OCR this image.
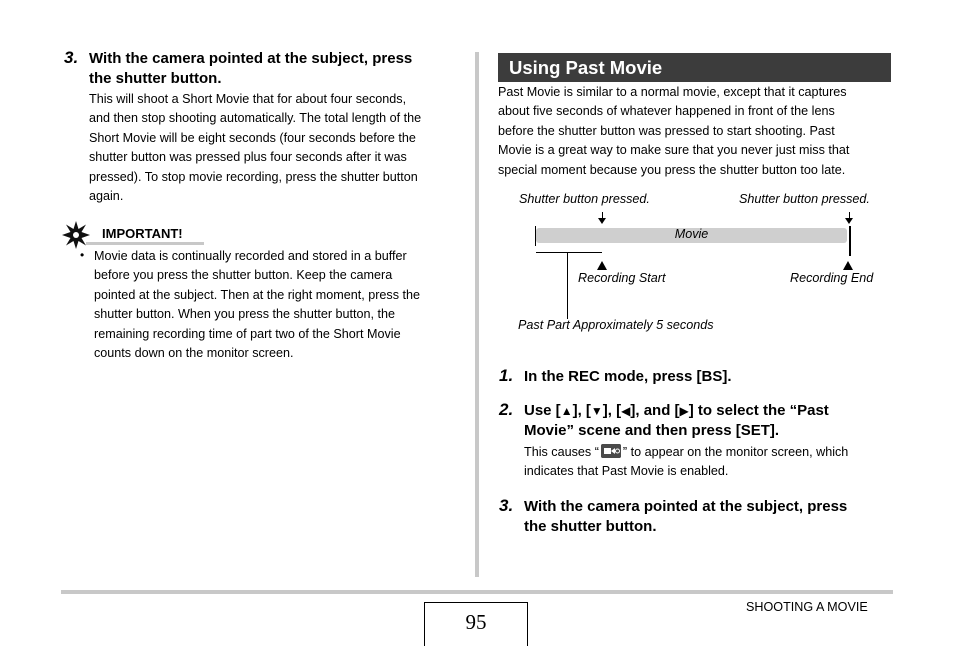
3. With the camera pointed at the subject, press
the shutter button.
This will shoot a Short Movie that for about four seconds,
and then stop shooting automatically. The total length of the
Short Movie will be eight seconds (four seconds before the
shutter button was pressed plus four seconds after it was
pressed). To stop movie recording, press the shutter button
again.
IMPORTANT!
• Movie data is continually recorded and stored in a buffer
before you press the shutter button. Keep the camera
pointed at the subject. Then at the right moment, press the
shutter button. When you press the shutter button, the
remaining recording time of part two of the Short Movie
counts down on the monitor screen.
Using Past Movie
Past Movie is similar to a normal movie, except that it captures
about five seconds of whatever happened in front of the lens
before the shutter button was pressed to start shooting. Past
Movie is a great way to make sure that you never just miss that
special moment because you press the shutter button too late.
Shutter button pressed.	Shutter button pressed.
Movie
Recording Start	Recording End
Past Part Approximately 5 seconds
1. In the REC mode, press [BS].
2. Use [▲], [▼], [◀], and [▶] to select the “Past
Movie” scene and then press [SET].
This causes “ ” to appear on the monitor screen, which
indicates that Past Movie is enabled.
3. With the camera pointed at the subject, press
the shutter button.
95
SHOOTING A MOVIE
